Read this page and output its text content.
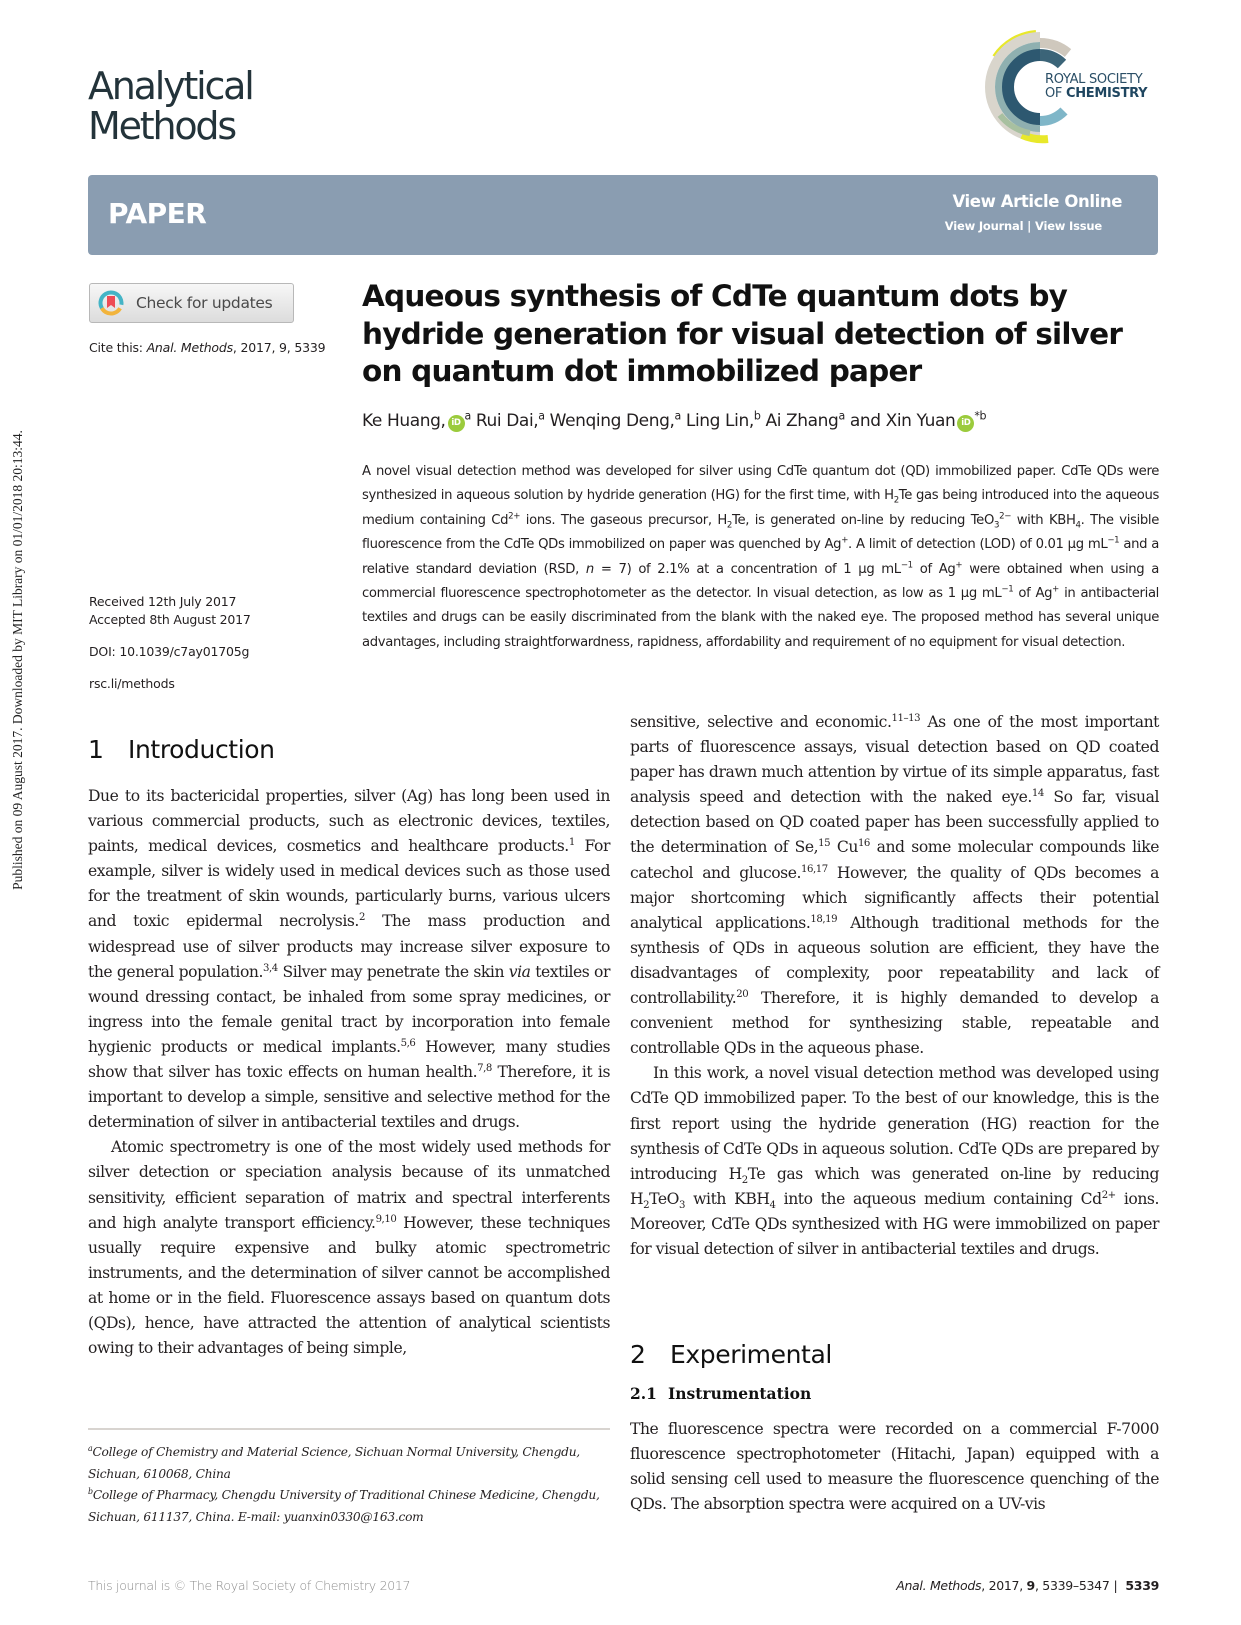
Published on 09 August 2017. Downloaded by MIT Library on 01/01/2018 20:13:44.
Analytical
Methods
ROYAL SOCIETY
OF CHEMISTRY
PAPER	View Article Online
View Journal | View Issue
Check for updates
Cite this: Anal. Methods, 2017, 9, 5339
Received 12th July 2017
Accepted 8th August 2017
DOI: 10.1039/c7ay01705g
rsc.li/methods
Aqueous synthesis of CdTe quantum dots by hydride generation for visual detection of silver on quantum dot immobilized paper
Ke Huang, $iD^a$ Rui Dai,$^a$ Wenqing Deng,$^a$ Ling Lin,$^b$ Ai Zhang$^a$ and Xin Yuan $iD^{*b}$
A novel visual detection method was developed for silver using CdTe quantum dot (QD) immobilized paper. CdTe QDs were synthesized in aqueous solution by hydride generation (HG) for the first time, with $H_2Te$ gas being introduced into the aqueous medium containing $Cd^{2+}$ ions. The gaseous precursor, $H_2Te$, is generated on-line by reducing TeO$_3^{2-}$ with $KBH_4$. The visible fluorescence from the CdTe QDs immobilized on paper was quenched by Ag+. A limit of detection (LOD) of 0.01 µg $mL^{-1}$ and a relative standard deviation (RSD, n = 7) of 2.1% at a concentration of 1 µg $mL^{-1}$ of Ag+ were obtained when using a commercial fluorescence spectrophotometer as the detector. In visual detection, as low as 1 µg $mL^{-1}$ of Ag+ in antibacterial textiles and drugs can be easily discriminated from the blank with the naked eye. The proposed method has several unique advantages, including straightforwardness, rapidness, affordability and requirement of no equipment for visual detection.
1 Introduction

Due to its bactericidal properties, silver (Ag) has long been used in various commercial products, such as electronic devices, textiles, paints, medical devices, cosmetics and healthcare products.$^1$ For example, silver is widely used in medical devices such as those used for the treatment of skin wounds, particularly burns, various ulcers and toxic epidermal necrolysis.$^2$ The mass production and widespread use of silver products may increase silver exposure to the general population.$^{3,4}$ Silver may penetrate the skin via textiles or wound dressing contact, be inhaled from some spray medicines, or ingress into the female genital tract by incorporation into female hygienic products or medical implants.$^{5,6}$ However, many studies show that silver has toxic effects on human health.$^{7,8}$ Therefore, it is important to develop a simple, sensitive and selective method for the determination of silver in antibacterial textiles and drugs.

Atomic spectrometry is one of the most widely used methods for silver detection or speciation analysis because of its unmatched sensitivity, efficient separation of matrix and spectral interferents and high analyte transport efficiency.$^{9,10}$ However, these techniques usually require expensive and bulky atomic spectrometric instruments, and the determination of silver cannot be accomplished at home or in the field. Fluorescence assays based on quantum dots (QDs), hence, have attracted the attention of analytical scientists owing to their advantages of being simple,

sensitive, selective and economic.$^{11-13}$ As one of the most important parts of fluorescence assays, visual detection based on QD coated paper has drawn much attention by virtue of its simple apparatus, fast analysis speed and detection with the naked eye.$^{14}$ So far, visual detection based on QD coated paper has been successfully applied to the determination of Se,$^{15}$ Cu$^{16}$ and some molecular compounds like catechol and glucose.$^{16,17}$ However, the quality of QDs becomes a major shortcoming which significantly affects their potential analytical applications.$^{18,19}$ Although traditional methods for the synthesis of QDs in aqueous solution are efficient, they have the disadvantages of complexity, poor repeatability and lack of controllability.$^{20}$ Therefore, it is highly demanded to develop a convenient method for synthesizing stable, repeatable and controllable QDs in the aqueous phase.

In this work, a novel visual detection method was developed using CdTe QD immobilized paper. To the best of our knowledge, this is the first report using the hydride generation (HG) reaction for the synthesis of CdTe QDs in aqueous solution. CdTe QDs are prepared by introducing $H_2Te$ gas which was generated on-line by reducing $H_2TeO_3$ with $KBH_4$ into the aqueous medium containing $Cd^{2+}$ ions. Moreover, CdTe QDs synthesized with HG were immobilized on paper for visual detection of silver in antibacterial textiles and drugs.

2 Experimental
2.1 Instrumentation

The fluorescence spectra were recorded on a commercial F-7000 fluorescence spectrophotometer (Hitachi, Japan) equipped with a solid sensing cell used to measure the fluorescence quenching of the QDs. The absorption spectra were acquired on a UV-vis

$^a$College of Chemistry and Material Science, Sichuan Normal University, Chengdu, Sichuan, 610068, China

$^b$College of Pharmacy, Chengdu University of Traditional Chinese Medicine, Chengdu, Sichuan, 611137, China. E-mail: yuanxin0330@163.com

This journal is © The Royal Society of Chemistry 2017	Anal. Methods, 2017, 9, 5339–5347 | 5339
